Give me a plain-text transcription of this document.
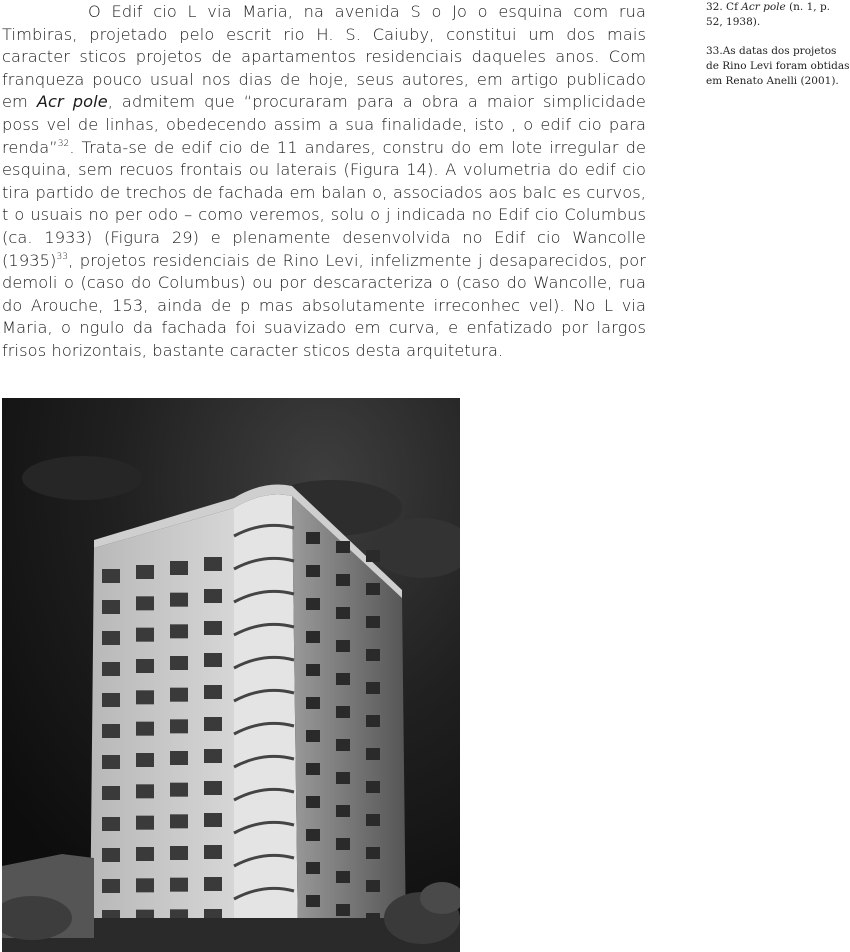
O Edif cio L via Maria, na avenida S o Jo o esquina com rua Timbiras, projetado pelo escrit rio H. S. Caiuby, constitui um dos mais caracter sticos projetos de apartamentos residenciais daqueles anos. Com franqueza pouco usual nos dias de hoje, seus autores, em artigo publicado em Acr pole, admitem que “procuraram para a obra a maior simplicidade poss vel de linhas, obedecendo assim a sua finalidade, isto , o edif cio para renda”$^{32}$. Trata-se de edif cio de 11 andares, constru do em lote irregular de esquina, sem recuos frontais ou laterais (Figura 14). A volumetria do edif cio tira partido de trechos de fachada em balan o, associados aos balc es curvos, t o usuais no per odo – como veremos, solu o j indicada no Edif cio Columbus (ca. 1933) (Figura 29) e plenamente desenvolvida no Edif cio Wancolle $(1935)^{33}$, projetos residenciais de Rino Levi, infelizmente j desaparecidos, por demoli o (caso do Columbus) ou por descaracteriza o (caso do Wancolle, rua do Arouche, 153, ainda de p mas absolutamente irreconhec vel). No L via Maria, o ngulo da fachada foi suavizado em curva, e enfatizado por largos frisos horizontais, bastante caracter sticos desta arquitetura.

32. Cf Acr pole (n. 1, p. 52, 1938).

33.As datas dos projetos de Rino Levi foram obtidas em Renato Anelli (2001).
